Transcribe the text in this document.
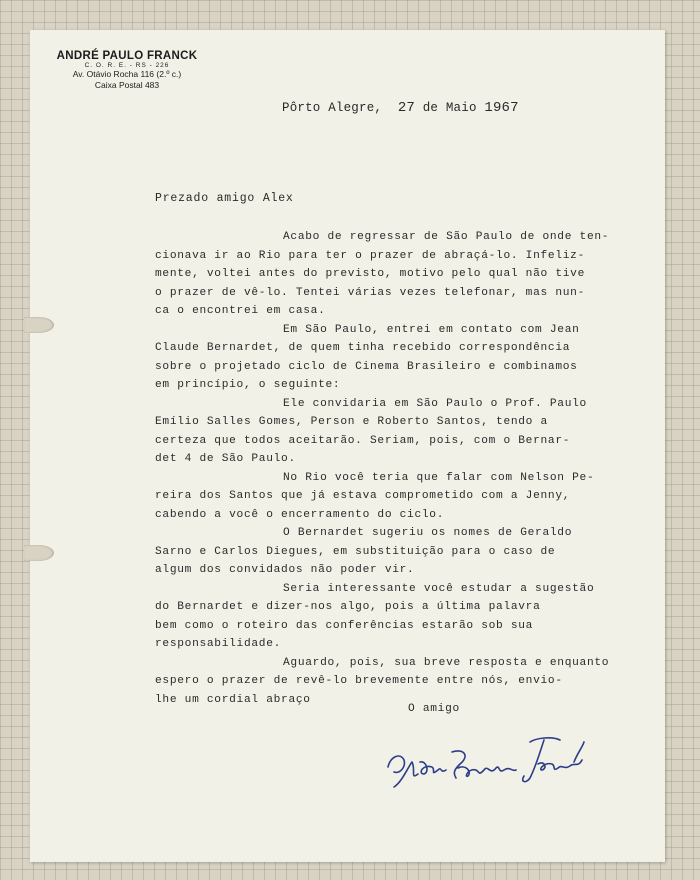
ANDRÉ PAULO FRANCK
C. O. R. E. - RS - 226
Av. Otávio Rocha 116 (2.º c.)
Caixa Postal 483
Pôrto Alegre, 27 de Maio 1967
Prezado amigo Alex
Acabo de regressar de São Paulo de onde ten-
cionava ir ao Rio para ter o prazer de abraçá-lo. Infeliz-
mente, voltei antes do previsto, motivo pelo qual não tive
o prazer de vê-lo. Tentei várias vezes telefonar, mas nun-
ca o encontrei em casa.
Em São Paulo, entrei em contato com Jean
Claude Bernardet, de quem tinha recebido correspondência
sobre o projetado ciclo de Cinema Brasileiro e combinamos
em princípio, o seguinte:
Ele convidaria em São Paulo o Prof. Paulo
Emílio Salles Gomes, Person e Roberto Santos, tendo a
certeza que todos aceitarão. Seriam, pois, com o Bernar-
det 4 de São Paulo.
No Rio você teria que falar com Nelson Pe-
reira dos Santos que já estava comprometido com a Jenny,
cabendo a você o encerramento do ciclo.
O Bernardet sugeriu os nomes de Geraldo
Sarno e Carlos Diegues, em substituição para o caso de
algum dos convidados não poder vir.
Seria interessante você estudar a sugestão
do Bernardet e dizer-nos algo, pois a última palavra
bem como o roteiro das conferências estarão sob sua
responsabilidade.
Aguardo, pois, sua breve resposta e enquanto
espero o prazer de revê-lo brevemente entre nós, envio-
lhe um cordial abraço
O amigo
